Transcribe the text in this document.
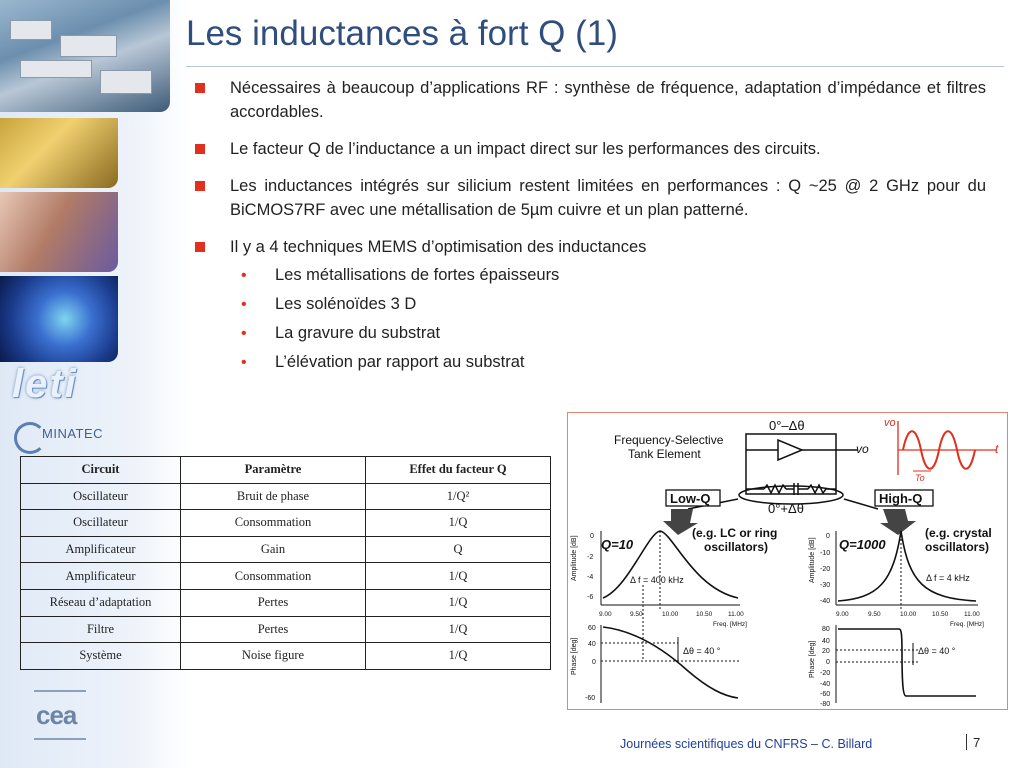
leti
MINATEC
cea
Les inductances à fort Q (1)
Nécessaires à beaucoup d’applications RF : synthèse de fréquence, adaptation d’impédance et filtres accordables.
Le facteur Q de l’inductance a un impact direct sur les performances des circuits.
Les inductances intégrés sur silicium restent limitées en performances : Q ~25 @ 2 GHz pour du BiCMOS7RF avec une métallisation de 5µm cuivre et un plan patterné.
Il y a 4 techniques MEMS d’optimisation des inductances
• Les métallisations de fortes épaisseurs
• Les solénoïdes 3 D
• La gravure du substrat
• L’élévation par rapport au substrat
Circuit	Paramètre	Effet du facteur Q
Oscillateur	Bruit de phase	1/Q²
Oscillateur	Consommation	1/Q
Amplificateur	Gain	Q
Amplificateur	Consommation	1/Q
Réseau d’adaptation	Pertes	1/Q
Filtre	Pertes	1/Q
Système	Noise figure	1/Q
Frequency-Selective
Tank Element
0°–Δθ
0°+Δθ
vo
Low-Q	High-Q
vo
t
To
Q=10
(e.g. LC or ring
oscillators)	Q=1000
(e.g. crystal
oscillators)
Amplitude [dB] 0
-2
-4
-6
Δ f = 400 kHz
9.00	9.50	10.00	10.50 11.00
Freq. [MHz]
Phase [deg]
60
40
0
-60
Δθ = 40 °
Amplitude [dB]
0
-10
-20
-30
-40
Δ f = 4 kHz
9.00	9.50	10.00 10.50 11.00
Freq. [MHz]
Phase [deg]
80
40
20
0
-20
-40
-60
-80
Δθ = 40 °
Journées scientifiques du CNFRS – C. Billard	7
